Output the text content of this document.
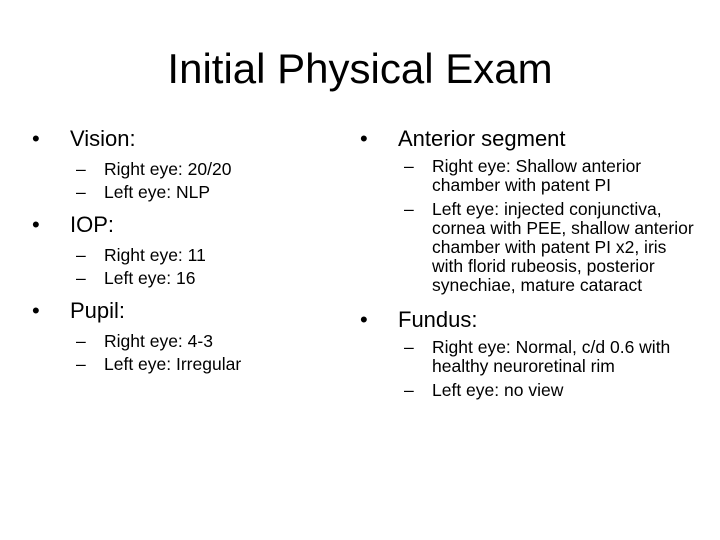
Initial Physical Exam
• Vision:
– Right eye: 20/20
– Left eye: NLP
• IOP:
– Right eye: 11
– Left eye: 16
• Pupil:
– Right eye: 4-3
– Left eye: Irregular
• Anterior segment
– Right eye: Shallow anterior chamber with patent PI
– Left eye: injected conjunctiva, cornea with PEE, shallow anterior chamber with patent PI x2, iris with florid rubeosis, posterior synechiae, mature cataract
• Fundus:
– Right eye: Normal, c/d 0.6 with healthy neuroretinal rim
– Left eye: no view
